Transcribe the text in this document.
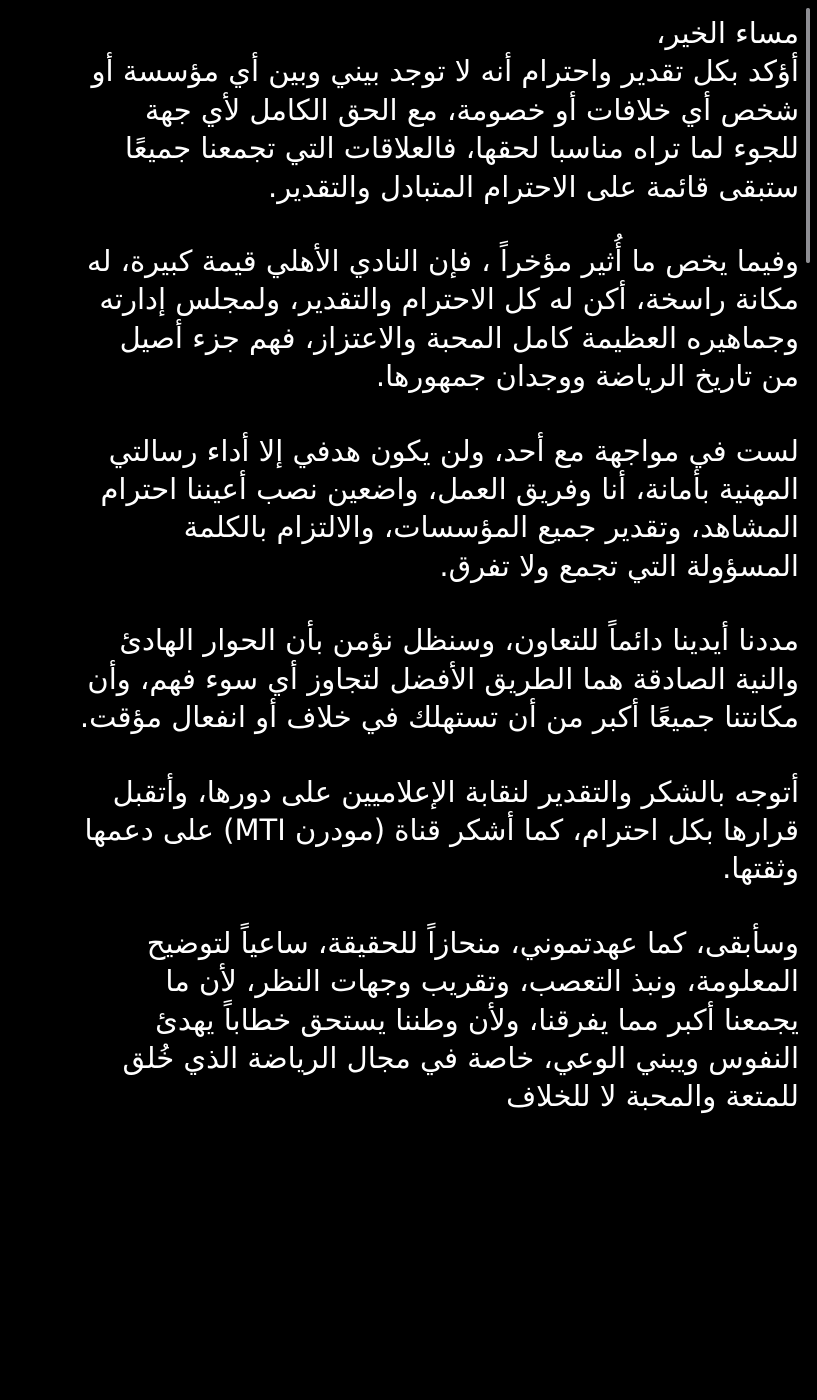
مساء الخير،
أؤكد بكل تقدير واحترام أنه لا توجد بيني وبين أي مؤسسة أو
شخص أي خلافات أو خصومة، مع الحق الكامل لأي جهة
للجوء لما تراه مناسبا لحقها، فالعلاقات التي تجمعنا جميعًا
ستبقى قائمة على الاحترام المتبادل والتقدير.
وفيما يخص ما أُثير مؤخراً ، فإن النادي الأهلي قيمة كبيرة، له
مكانة راسخة، أكن له كل الاحترام والتقدير، ولمجلس إدارته
وجماهيره العظيمة كامل المحبة والاعتزاز، فهم جزء أصيل
من تاريخ الرياضة ووجدان جمهورها.
لست في مواجهة مع أحد، ولن يكون هدفي إلا أداء رسالتي
المهنية بأمانة، أنا وفريق العمل، واضعين نصب أعيننا احترام
المشاهد، وتقدير جميع المؤسسات، والالتزام بالكلمة
المسؤولة التي تجمع ولا تفرق.
مددنا أيدينا دائماً للتعاون، وسنظل نؤمن بأن الحوار الهادئ
والنية الصادقة هما الطريق الأفضل لتجاوز أي سوء فهم، وأن
مكانتنا جميعًا أكبر من أن تستهلك في خلاف أو انفعال مؤقت.
أتوجه بالشكر والتقدير لنقابة الإعلاميين على دورها، وأتقبل
قرارها بكل احترام، كما أشكر قناة (مودرن MTI) على دعمها
وثقتها.
وسأبقى، كما عهدتموني، منحازاً للحقيقة، ساعياً لتوضيح
المعلومة، ونبذ التعصب، وتقريب وجهات النظر، لأن ما
يجمعنا أكبر مما يفرقنا، ولأن وطننا يستحق خطاباً يهدئ
النفوس ويبني الوعي، خاصة في مجال الرياضة الذي خُلق
للمتعة والمحبة لا للخلاف
